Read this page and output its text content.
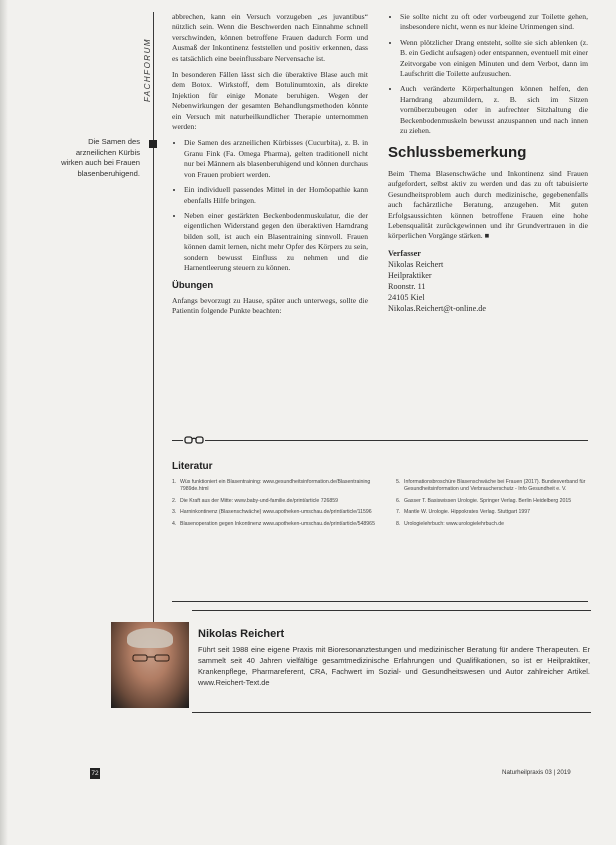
FACHFORUM
Die Samen des arzneilichen Kürbis wirken auch bei Frauen blasenberuhigend.

abbrechen, kann ein Versuch vorzugeben „es juvantibus“ nützlich sein. Wenn die Beschwerden nach Einnahme schnell verschwinden, können betroffene Frauen dadurch Form und Ausmaß der Inkontinenz feststellen und positiv erkennen, dass es tatsächlich eine beeinflussbare Nervensache ist.

In besonderen Fällen lässt sich die überaktive Blase auch mit dem Botox. Wirkstoff, dem Botulinumtoxin, als direkte Injektion für einige Monate beruhigen. Wegen der Nebenwirkungen der gesamten Behandlungsmethoden könnte ein Versuch mit naturheilkundlicher Therapie unternommen werden:

• Die Samen des arzneilichen Kürbisses (Cucurbita), z. B. in Granu Fink (Fa. Omega Pharma), gelten traditionell nicht nur bei Männern als blasenberuhigend und können durchaus von Frauen probiert werden.
• Ein individuell passendes Mittel in der Homöopathie kann ebenfalls Hilfe bringen.
• Neben einer gestärkten Beckenbodenmuskulatur, die der eigentlichen Widerstand gegen den überaktiven Harndrang bilden soll, ist auch ein Blasentraining sinnvoll. Frauen können damit lernen, nicht mehr Opfer des Körpers zu sein, sondern bewusst Einfluss zu nehmen und die Harnentleerung steuern zu können.
Übungen

Anfangs bevorzugt zu Hause, später auch unterwegs, sollte die Patientin folgende Punkte beachten:

• Sie sollte nicht zu oft oder vorbeugend zur Toilette gehen, insbesondere nicht, wenn es nur kleine Urinmengen sind.
• Wenn plötzlicher Drang entsteht, sollte sie sich ablenken (z. B. ein Gedicht aufsagen) oder entspannen, eventuell mit einer Zeitvorgabe von einigen Minuten und dem Verbot, dann im Laufschritt die Toilette aufzusuchen.
• Auch veränderte Körperhaltungen können helfen, den Harndrang abzumildern, z. B. sich im Sitzen vornüberzubeugen oder in aufrechter Sitzhaltung die Beckenbodenmuskeln bewusst anzuspannen und nach innen zu ziehen.
Schlussbemerkung

Beim Thema Blasenschwäche und Inkontinenz sind Frauen aufgefordert, selbst aktiv zu werden und das zu oft tabuisierte Gesundheitsproblem auch durch medizinische, gegebenenfalls auch fachärztliche Beratung, anzugehen. Mit guten Erfolgsaussichten können betroffene Frauen eine hohe Lebensqualität zurückgewinnen und ihr Grundvertrauen in die körperlichen Vorgänge stärken. ■

Verfasser
Nikolas Reichert
Heilpraktiker
Roonstr. 11
24105 Kiel
Nikolas.Reichert@t-online.de
Literatur
1. Wüs funktioniert ein Blasentraining: www.gesundheitsinformation.de/Blasentraining 7989de.html
2. Die Kraft aus der Mitte: www.baby-und-familie.de/print/article 726859
3. Harninkontinenz (Blasenschwäche) www.apotheken-umschau.de/print/article/11596
4. Blasenoperation gegen Inkontinenz www.apotheken-umschau.de/print/article/548965
5. Informationsbroschüre Blasenschwäche bei Frauen (2017). Bundesverband für Gesundheitsinformation und Verbraucherschutz - Info Gesundheit e. V.
6. Gasser T. Basiswissen Urologie. Springer Verlag. Berlin Heidelberg 2015
7. Mantle W. Urologie. Hippokrates Verlag. Stuttgart 1997
8. Urologielehrbuch: www.urologielehrbuch.de
Nikolas Reichert
Führt seit 1988 eine eigene Praxis mit Bioresonanztestungen und medizinischer Beratung für andere Therapeuten. Er sammelt seit 40 Jahren vielfältige gesamtmedizinische Erfahrungen und Qualifikationen, so ist er Heilpraktiker, Krankenpflege, Pharmareferent, CRA, Fachwert im Sozial- und Gesundheitswesen und Autor zahlreicher Artikel. www.Reichert-Text.de
72	Naturheilpraxis 03 | 2019
